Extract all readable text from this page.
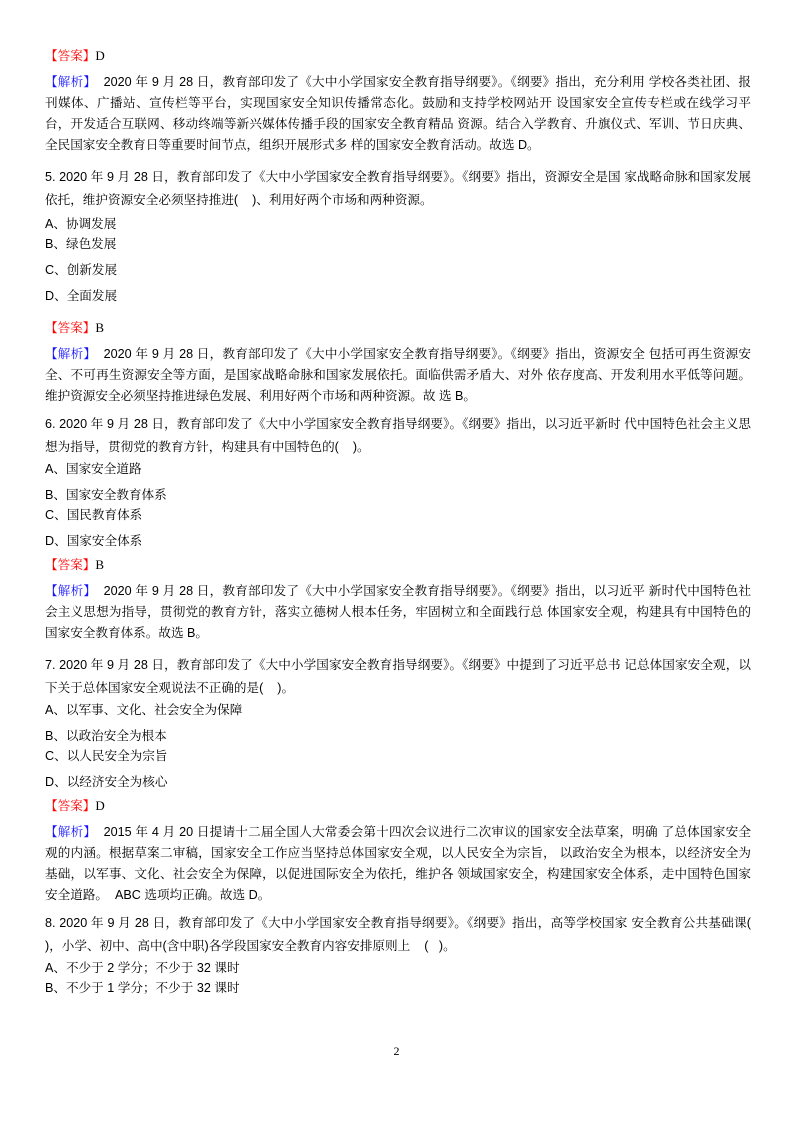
【答案】D
【解析】  2020 年 9 月 28 日，教育部印发了《大中小学国家安全教育指导纲要》。《纲要》指出，充分利用 学校各类社团、报刊媒体、广播站、宣传栏等平台，实现国家安全知识传播常态化。鼓励和支持学校网站开 设国家安全宣传专栏或在线学习平台，开发适合互联网、移动终端等新兴媒体传播手段的国家安全教育精品 资源。结合入学教育、升旗仪式、军训、节日庆典、全民国家安全教育日等重要时间节点，组织开展形式多 样的国家安全教育活动。故选 D。
5. 2020 年 9 月 28 日，教育部印发了《大中小学国家安全教育指导纲要》。《纲要》指出，资源安全是国 家战略命脉和国家发展依托，维护资源安全必须坚持推进(    )、利用好两个市场和两种资源。
A、协调发展
B、绿色发展
C、创新发展
D、全面发展
【答案】B
【解析】  2020 年 9 月 28 日，教育部印发了《大中小学国家安全教育指导纲要》。《纲要》指出，资源安全 包括可再生资源安全、不可再生资源安全等方面，是国家战略命脉和国家发展依托。面临供需矛盾大、对外 依存度高、开发利用水平低等问题。维护资源安全必须坚持推进绿色发展、利用好两个市场和两种资源。故 选 B。
6. 2020 年 9 月 28 日，教育部印发了《大中小学国家安全教育指导纲要》。《纲要》指出，以习近平新时 代中国特色社会主义思想为指导，贯彻党的教育方针，构建具有中国特色的(    )。
A、国家安全道路
B、国家安全教育体系
C、国民教育体系
D、国家安全体系
【答案】B
【解析】  2020 年 9 月 28 日，教育部印发了《大中小学国家安全教育指导纲要》。《纲要》指出，以习近平 新时代中国特色社会主义思想为指导，贯彻党的教育方针，落实立德树人根本任务，牢固树立和全面践行总 体国家安全观，构建具有中国特色的国家安全教育体系。故选 B。
7. 2020 年 9 月 28 日，教育部印发了《大中小学国家安全教育指导纲要》。《纲要》中提到了习近平总书 记总体国家安全观，以下关于总体国家安全观说法不正确的是(    )。
A、以军事、文化、社会安全为保障
B、以政治安全为根本
C、以人民安全为宗旨
D、以经济安全为核心
【答案】D
【解析】  2015 年 4 月 20 日提请十二届全国人大常委会第十四次会议进行二次审议的国家安全法草案，明确 了总体国家安全观的内涵。根据草案二审稿，国家安全工作应当坚持总体国家安全观，以人民安全为宗旨， 以政治安全为根本，以经济安全为基础，以军事、文化、社会安全为保障，以促进国际安全为依托，维护各 领域国家安全，构建国家安全体系，走中国特色国家安全道路。  ABC 选项均正确。故选 D。
8. 2020 年 9 月 28 日，教育部印发了《大中小学国家安全教育指导纲要》。《纲要》指出，高等学校国家 安全教育公共基础课(    )，小学、初中、高中(含中职)各学段国家安全教育内容安排原则上    (   )。
A、不少于 2 学分；不少于 32 课时
B、不少于 1 学分；不少于 32 课时
2
